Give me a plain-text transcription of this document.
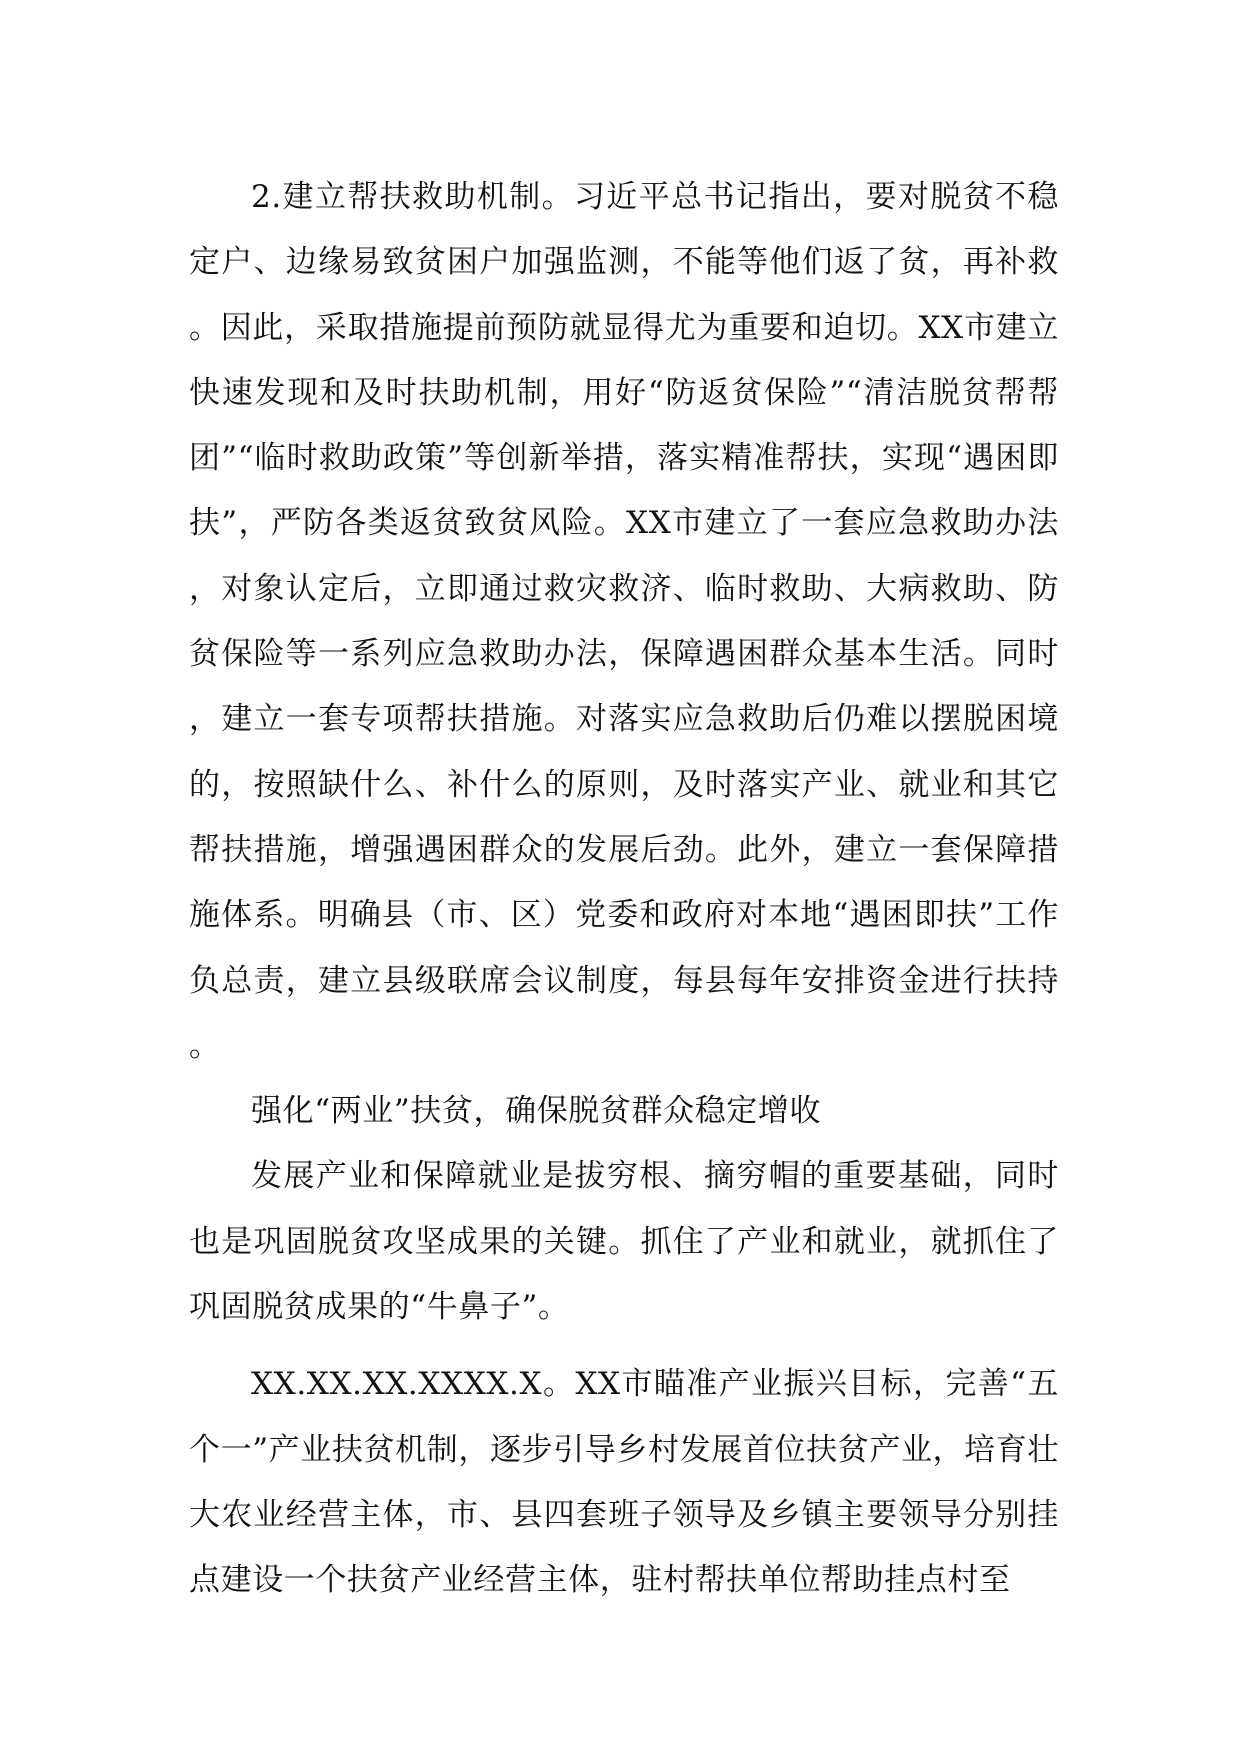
2.建立帮扶救助机制。习近平总书记指出，要对脱贫不稳定户、边缘易致贫困户加强监测，不能等他们返了贫，再补救。因此，采取措施提前预防就显得尤为重要和迫切。XX市建立快速发现和及时扶助机制，用好“防返贫保险”“清洁脱贫帮帮团”“临时救助政策”等创新举措，落实精准帮扶，实现“遇困即扶”，严防各类返贫致贫风险。XX市建立了一套应急救助办法，对象认定后，立即通过救灾救济、临时救助、大病救助、防贫保险等一系列应急救助办法，保障遇困群众基本生活。同时，建立一套专项帮扶措施。对落实应急救助后仍难以摆脱困境的，按照缺什么、补什么的原则，及时落实产业、就业和其它帮扶措施，增强遇困群众的发展后劲。此外，建立一套保障措施体系。明确县（市、区）党委和政府对本地“遇困即扶”工作负总责，建立县级联席会议制度，每县每年安排资金进行扶持。

强化“两业”扶贫，确保脱贫群众稳定增收

发展产业和保障就业是拔穷根、摘穷帽的重要基础，同时也是巩固脱贫攻坚成果的关键。抓住了产业和就业，就抓住了巩固脱贫成果的“牛鼻子”。

XX.XX.XX.XXXX.X。XX市瞄准产业振兴目标，完善“五个一”产业扶贫机制，逐步引导乡村发展首位扶贫产业，培育壮大农业经营主体，市、县四套班子领导及乡镇主要领导分别挂点建设一个扶贫产业经营主体，驻村帮扶单位帮助挂点村至
